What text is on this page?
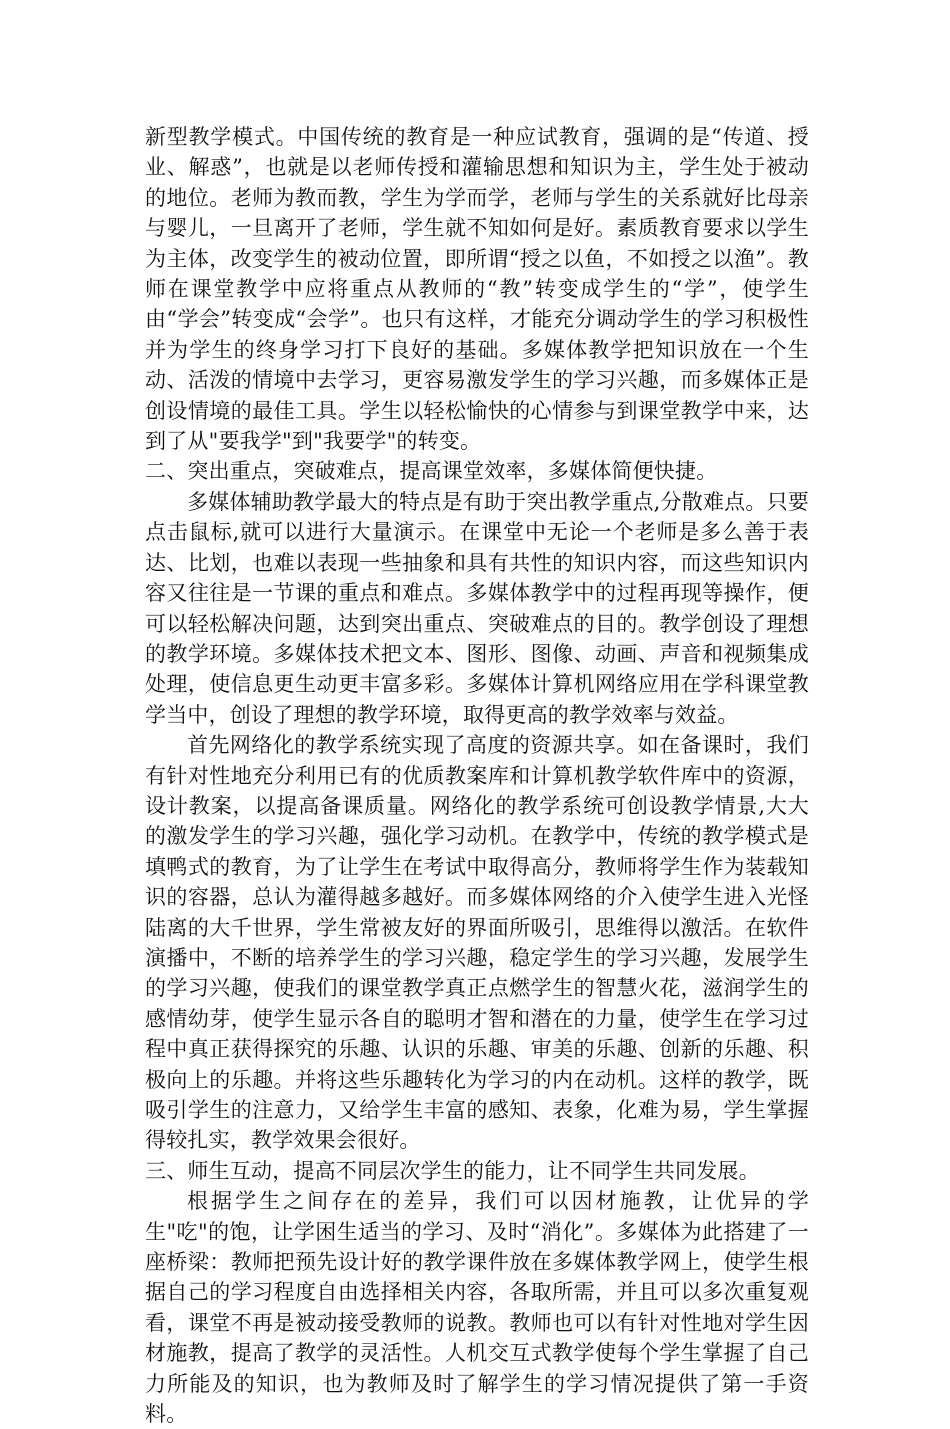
新型教学模式。中国传统的教育是一种应试教育，强调的是“传道、授业、解惑”，也就是以老师传授和灌输思想和知识为主，学生处于被动的地位。老师为教而教，学生为学而学，老师与学生的关系就好比母亲与婴儿，一旦离开了老师，学生就不知如何是好。素质教育要求以学生为主体，改变学生的被动位置，即所谓“授之以鱼，不如授之以渔”。教师在课堂教学中应将重点从教师的“教”转变成学生的“学”，使学生由“学会”转变成“会学”。也只有这样，才能充分调动学生的学习积极性并为学生的终身学习打下良好的基础。多媒体教学把知识放在一个生动、活泼的情境中去学习，更容易激发学生的学习兴趣，而多媒体正是创设情境的最佳工具。学生以轻松愉快的心情参与到课堂教学中来，达到了从"要我学"到"我要学"的转变。

二、突出重点，突破难点，提高课堂效率，多媒体简便快捷。

多媒体辅助教学最大的特点是有助于突出教学重点,分散难点。只要点击鼠标,就可以进行大量演示。在课堂中无论一个老师是多么善于表达、比划，也难以表现一些抽象和具有共性的知识内容，而这些知识内容又往往是一节课的重点和难点。多媒体教学中的过程再现等操作，便可以轻松解决问题，达到突出重点、突破难点的目的。教学创设了理想的教学环境。多媒体技术把文本、图形、图像、动画、声音和视频集成处理，使信息更生动更丰富多彩。多媒体计算机网络应用在学科课堂教学当中，创设了理想的教学环境，取得更高的教学效率与效益。

首先网络化的教学系统实现了高度的资源共享。如在备课时，我们有针对性地充分利用已有的优质教案库和计算机教学软件库中的资源，设计教案，以提高备课质量。网络化的教学系统可创设教学情景,大大的激发学生的学习兴趣，强化学习动机。在教学中，传统的教学模式是填鸭式的教育，为了让学生在考试中取得高分，教师将学生作为装载知识的容器，总认为灌得越多越好。而多媒体网络的介入使学生进入光怪陆离的大千世界，学生常被友好的界面所吸引，思维得以激活。在软件演播中，不断的培养学生的学习兴趣，稳定学生的学习兴趣，发展学生的学习兴趣，使我们的课堂教学真正点燃学生的智慧火花，滋润学生的感情幼芽，使学生显示各自的聪明才智和潜在的力量，使学生在学习过程中真正获得探究的乐趣、认识的乐趣、审美的乐趣、创新的乐趣、积极向上的乐趣。并将这些乐趣转化为学习的内在动机。这样的教学，既吸引学生的注意力，又给学生丰富的感知、表象，化难为易，学生掌握得较扎实，教学效果会很好。

三、师生互动，提高不同层次学生的能力，让不同学生共同发展。

根据学生之间存在的差异，我们可以因材施教，让优异的学生"吃"的饱，让学困生适当的学习、及时“消化”。多媒体为此搭建了一座桥梁：教师把预先设计好的教学课件放在多媒体教学网上，使学生根据自己的学习程度自由选择相关内容，各取所需，并且可以多次重复观看，课堂不再是被动接受教师的说教。教师也可以有针对性地对学生因材施教，提高了教学的灵活性。人机交互式教学使每个学生掌握了自己力所能及的知识，也为教师及时了解学生的学习情况提供了第一手资料。
